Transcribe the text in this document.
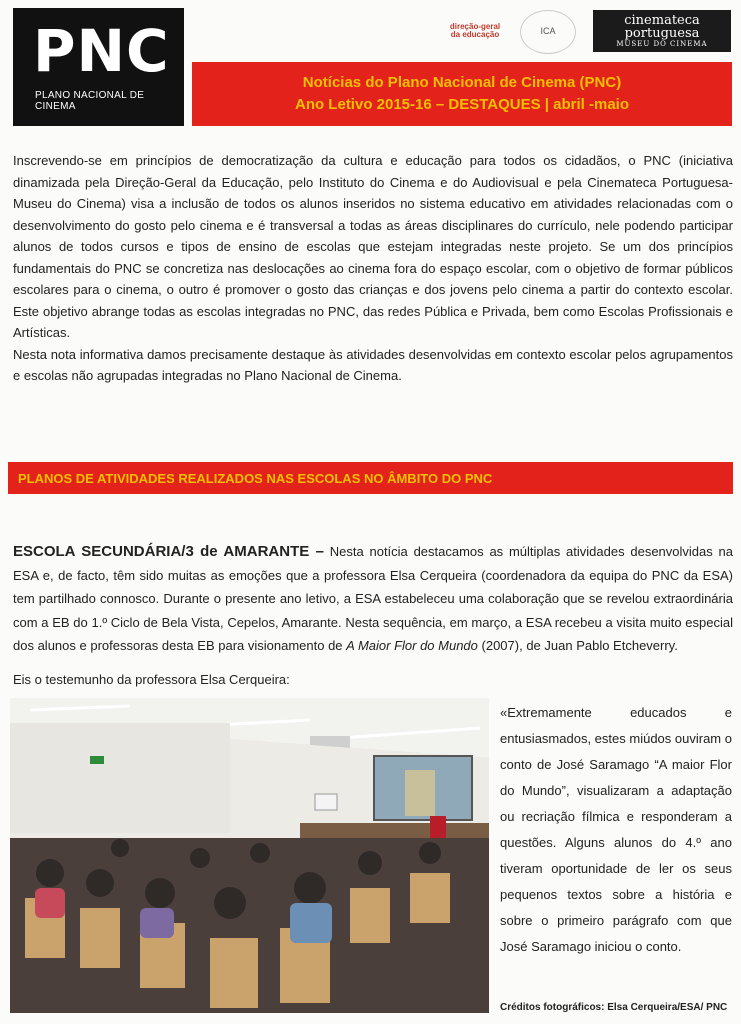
PNC
PLANO NACIONAL DE CINEMA
direção-geral da educação	ICA
cinemateca portuguesa
MUSEU DO CINEMA
Notícias do Plano Nacional de Cinema (PNC)
Ano Letivo 2015-16 – DESTAQUES | abril -maio

Inscrevendo-se em princípios de democratização da cultura e educação para todos os cidadãos, o PNC (iniciativa dinamizada pela Direção-Geral da Educação, pelo Instituto do Cinema e do Audiovisual e pela Cinemateca Portuguesa-Museu do Cinema) visa a inclusão de todos os alunos inseridos no sistema educativo em atividades relacionadas com o desenvolvimento do gosto pelo cinema e é transversal a todas as áreas disciplinares do currículo, nele podendo participar alunos de todos cursos e tipos de ensino de escolas que estejam integradas neste projeto. Se um dos princípios fundamentais do PNC se concretiza nas deslocações ao cinema fora do espaço escolar, com o objetivo de formar públicos escolares para o cinema, o outro é promover o gosto das crianças e dos jovens pelo cinema a partir do contexto escolar. Este objetivo abrange todas as escolas integradas no PNC, das redes Pública e Privada, bem como Escolas Profissionais e Artísticas.

Nesta nota informativa damos precisamente destaque às atividades desenvolvidas em contexto escolar pelos agrupamentos e escolas não agrupadas integradas no Plano Nacional de Cinema.

PLANOS DE ATIVIDADES REALIZADOS NAS ESCOLAS NO ÂMBITO DO PNC
ESCOLA SECUNDÁRIA/3 de AMARANTE – Nesta notícia destacamos as múltiplas atividades desenvolvidas na ESA e, de facto, têm sido muitas as emoções que a professora Elsa Cerqueira (coordenadora da equipa do PNC da ESA) tem partilhado connosco. Durante o presente ano letivo, a ESA estabeleceu uma colaboração que se revelou extraordinária com a EB do 1.º Ciclo de Bela Vista, Cepelos, Amarante. Nesta sequência, em março, a ESA recebeu a visita muito especial dos alunos e professoras desta EB para visionamento de A Maior Flor do Mundo (2007), de Juan Pablo Etcheverry.
Eis o testemunho da professora Elsa Cerqueira:

«Extremamente educados e entusiasmados, estes miúdos ouviram o conto de José Saramago “A maior Flor do Mundo”, visualizaram a adaptação ou recriação fílmica e responderam a questões. Alguns alunos do 4.º ano tiveram oportunidade de ler os seus pequenos textos sobre a história e sobre o primeiro parágrafo com que José Saramago iniciou o conto.

Créditos fotográficos: Elsa Cerqueira/ESA/ PNC
